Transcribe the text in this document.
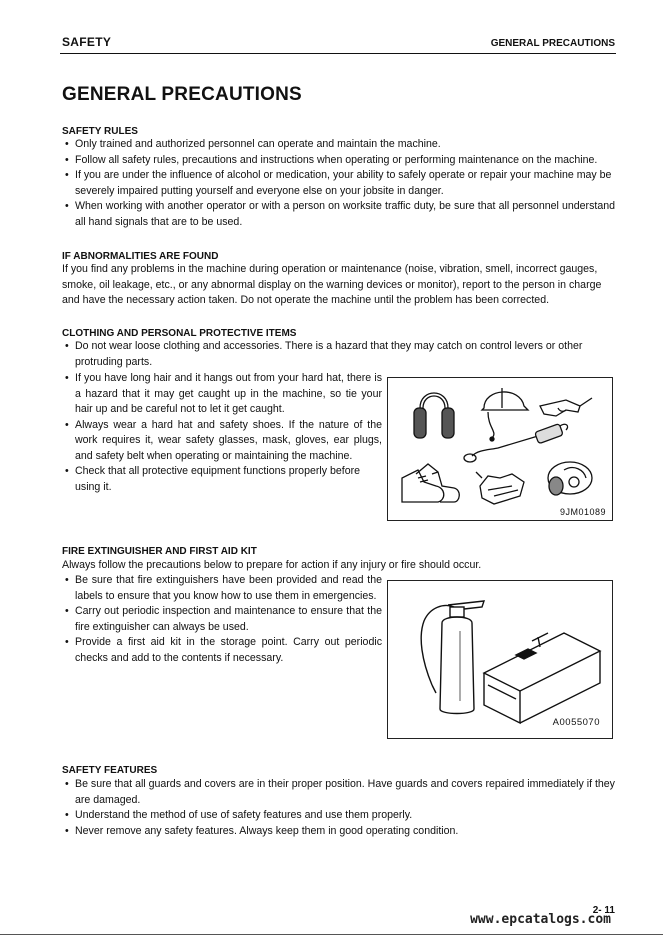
SAFETY	GENERAL PRECAUTIONS
GENERAL PRECAUTIONS
SAFETY RULES
• Only trained and authorized personnel can operate and maintain the machine.
• Follow all safety rules, precautions and instructions when operating or performing maintenance on the machine.
• If you are under the influence of alcohol or medication, your ability to safely operate or repair your machine may be severely impaired putting yourself and everyone else on your jobsite in danger.
• When working with another operator or with a person on worksite traffic duty, be sure that all personnel understand all hand signals that are to be used.
IF ABNORMALITIES ARE FOUND

If you find any problems in the machine during operation or maintenance (noise, vibration, smell, incorrect gauges, smoke, oil leakage, etc., or any abnormal display on the warning devices or monitor), report to the person in charge and have the necessary action taken. Do not operate the machine until the problem has been corrected.

CLOTHING AND PERSONAL PROTECTIVE ITEMS
• Do not wear loose clothing and accessories. There is a hazard that they may catch on control levers or other protruding parts.
• If you have long hair and it hangs out from your hard hat, there is a hazard that it may get caught up in the machine, so tie your hair up and be careful not to let it get caught.
• Always wear a hard hat and safety shoes. If the nature of the work requires it, wear safety glasses, mask, gloves, ear plugs, and safety belt when operating or maintaining the machine.
• Check that all protective equipment functions properly before using it.
9JM01089
FIRE EXTINGUISHER AND FIRST AID KIT

Always follow the precautions below to prepare for action if any injury or fire should occur.

• Be sure that fire extinguishers have been provided and read the labels to ensure that you know how to use them in emergencies.
• Carry out periodic inspection and maintenance to ensure that the fire extinguisher can always be used.
• Provide a first aid kit in the storage point. Carry out periodic checks and add to the contents if necessary.
A0055070
SAFETY FEATURES
• Be sure that all guards and covers are in their proper position. Have guards and covers repaired immediately if they are damaged.
• Understand the method of use of safety features and use them properly.
• Never remove any safety features. Always keep them in good operating condition.
2- 11
www.epcatalogs.com
